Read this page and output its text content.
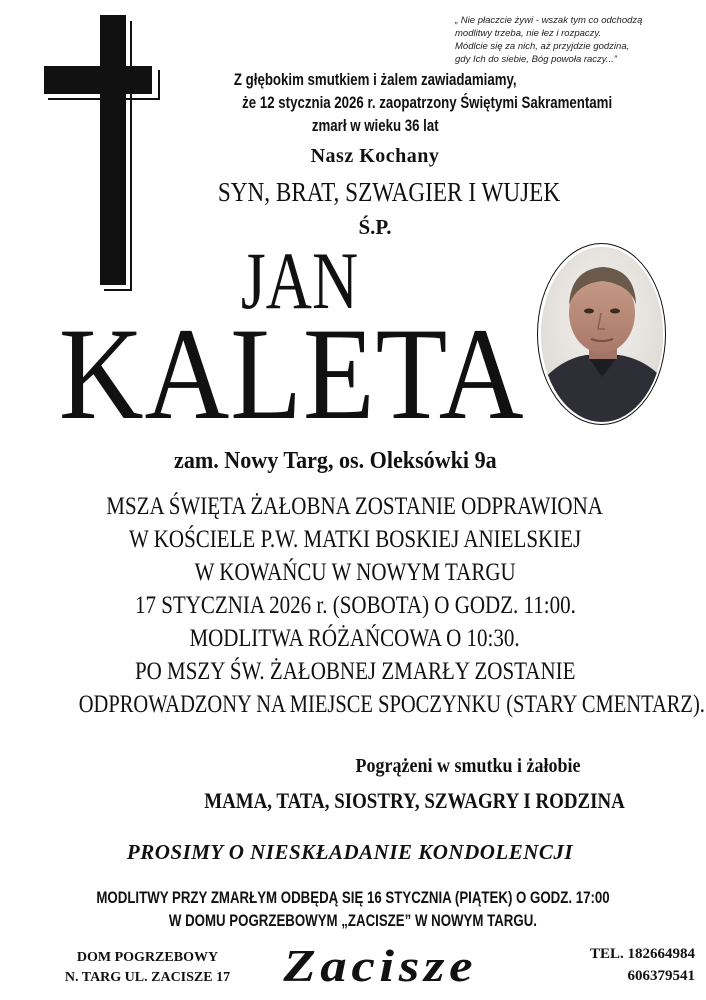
„ Nie płaczcie żywi - wszak tym co odchodzą
modlitwy trzeba, nie łez i rozpaczy.
Módlcie się za nich, aż przyjdzie godzina,
gdy Ich do siebie, Bóg powoła raczy...”
Z głębokim smutkiem i żalem zawiadamiamy,
że 12 stycznia 2026 r. zaopatrzony Świętymi Sakramentami
zmarł w wieku 36 lat
Nasz Kochany
SYN, BRAT, SZWAGIER I WUJEK
Ś.P.
JAN
KALETA
zam. Nowy Targ, os. Oleksówki 9a
MSZA ŚWIĘTA ŻAŁOBNA ZOSTANIE ODPRAWIONA
W KOŚCIELE P.W. MATKI BOSKIEJ ANIELSKIEJ
W KOWAŃCU W NOWYM TARGU
17 STYCZNIA 2026 r. (SOBOTA) O GODZ. 11:00.
MODLITWA RÓŻAŃCOWA O 10:30.
PO MSZY ŚW. ŻAŁOBNEJ ZMARŁY ZOSTANIE
ODPROWADZONY NA MIEJSCE SPOCZYNKU (STARY CMENTARZ).
Pogrążeni w smutku i żałobie
MAMA, TATA, SIOSTRY, SZWAGRY I RODZINA
PROSIMY O NIESKŁADANIE KONDOLENCJI
MODLITWY PRZY ZMARŁYM ODBĘDĄ SIĘ 16 STYCZNIA (PIĄTEK) O GODZ. 17:00
W DOMU POGRZEBOWYM „ZACISZE” W NOWYM TARGU.
DOM POGRZEBOWY
N. TARG UL. ZACISZE 17	Zacisze	TEL. 182664984
606379541
